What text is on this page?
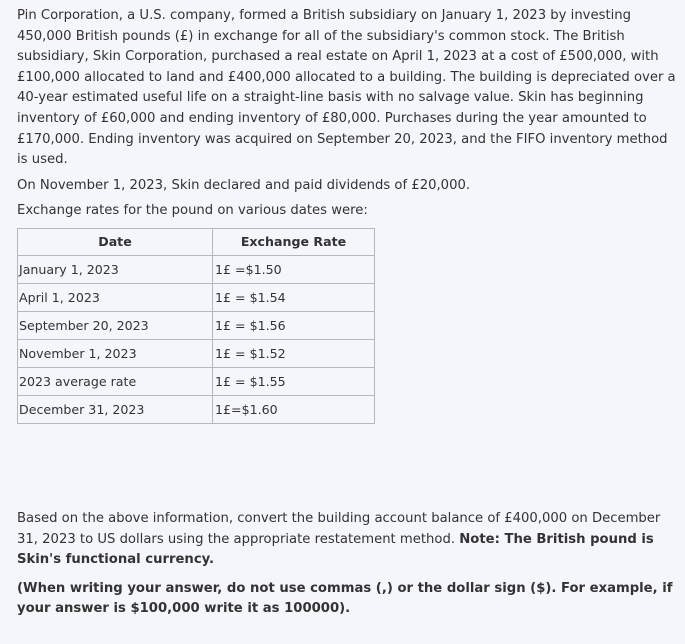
Pin Corporation, a U.S. company, formed a British subsidiary on January 1, 2023 by investing 450,000 British pounds (£) in exchange for all of the subsidiary's common stock. The British subsidiary, Skin Corporation, purchased a real estate on April 1, 2023 at a cost of £500,000, with £100,000 allocated to land and £400,000 allocated to a building. The building is depreciated over a 40-year estimated useful life on a straight-line basis with no salvage value. Skin has beginning inventory of £60,000 and ending inventory of £80,000. Purchases during the year amounted to £170,000. Ending inventory was acquired on September 20, 2023, and the FIFO inventory method is used.

On November 1, 2023, Skin declared and paid dividends of £20,000.

Exchange rates for the pound on various dates were:

Date	Exchange Rate
January 1, 2023	1£ =$1.50
April 1, 2023	1£ = $1.54
September 20, 2023	1£ = $1.56
November 1, 2023	1£ = $1.52
2023 average rate	1£ = $1.55
December 31, 2023	1£=$1.60

Based on the above information, convert the building account balance of £400,000 on December 31, 2023 to US dollars using the appropriate restatement method. Note: The British pound is Skin's functional currency.

(When writing your answer, do not use commas (,) or the dollar sign ($). For example, if your answer is $100,000 write it as 100000).
